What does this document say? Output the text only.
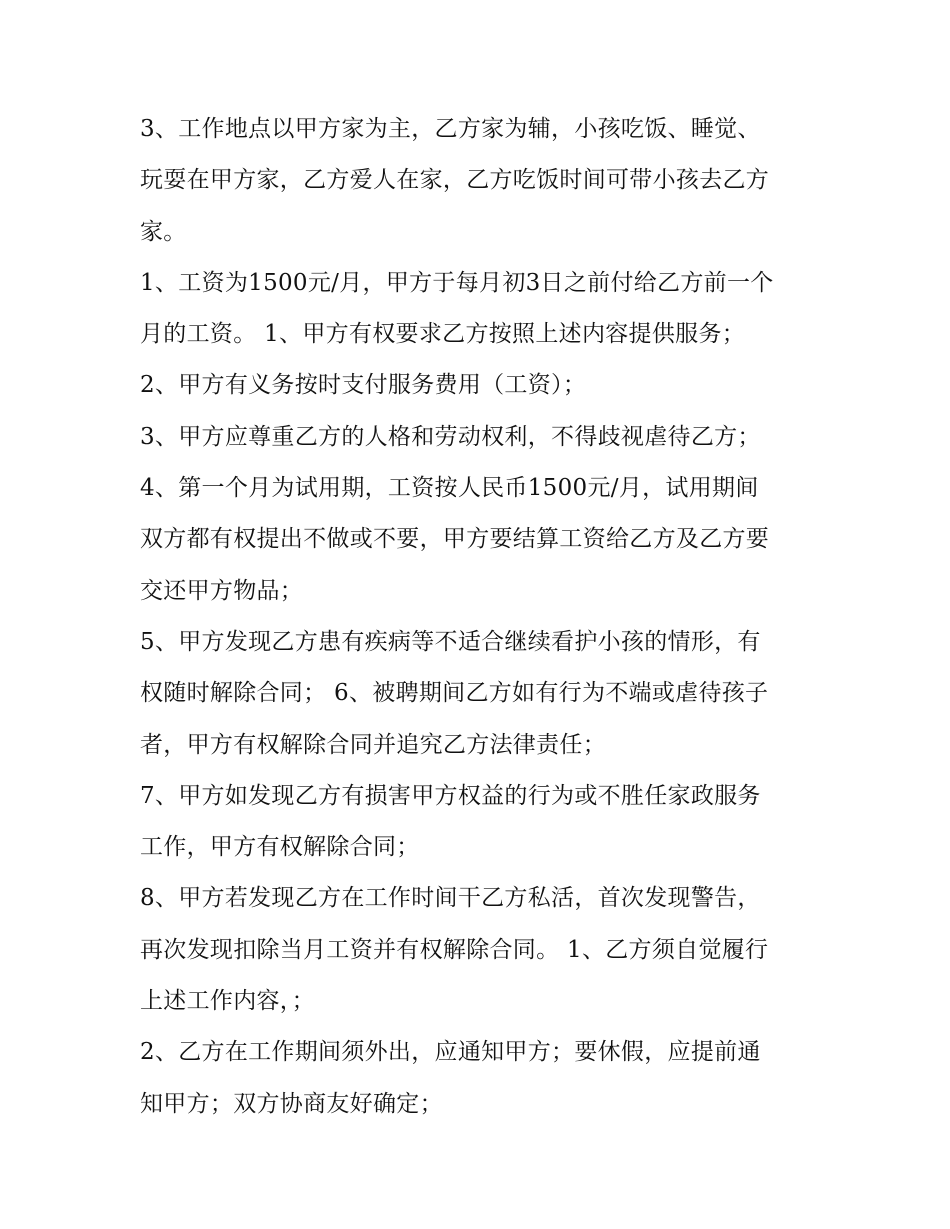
3、工作地点以甲方家为主，乙方家为辅，小孩吃饭、睡觉、
玩耍在甲方家，乙方爱人在家，乙方吃饭时间可带小孩去乙方
家。
1、工资为1500元/月，甲方于每月初3日之前付给乙方前一个
月的工资。 1、甲方有权要求乙方按照上述内容提供服务；
2、甲方有义务按时支付服务费用（工资）；
3、甲方应尊重乙方的人格和劳动权利，不得歧视虐待乙方；
4、第一个月为试用期，工资按人民币1500元/月，试用期间
双方都有权提出不做或不要，甲方要结算工资给乙方及乙方要
交还甲方物品；
5、甲方发现乙方患有疾病等不适合继续看护小孩的情形，有
权随时解除合同； 6、被聘期间乙方如有行为不端或虐待孩子
者，甲方有权解除合同并追究乙方法律责任；
7、甲方如发现乙方有损害甲方权益的行为或不胜任家政服务
工作，甲方有权解除合同；
8、甲方若发现乙方在工作时间干乙方私活，首次发现警告，
再次发现扣除当月工资并有权解除合同。 1、乙方须自觉履行
上述工作内容，；
2、乙方在工作期间须外出，应通知甲方；要休假，应提前通
知甲方；双方协商友好确定；
